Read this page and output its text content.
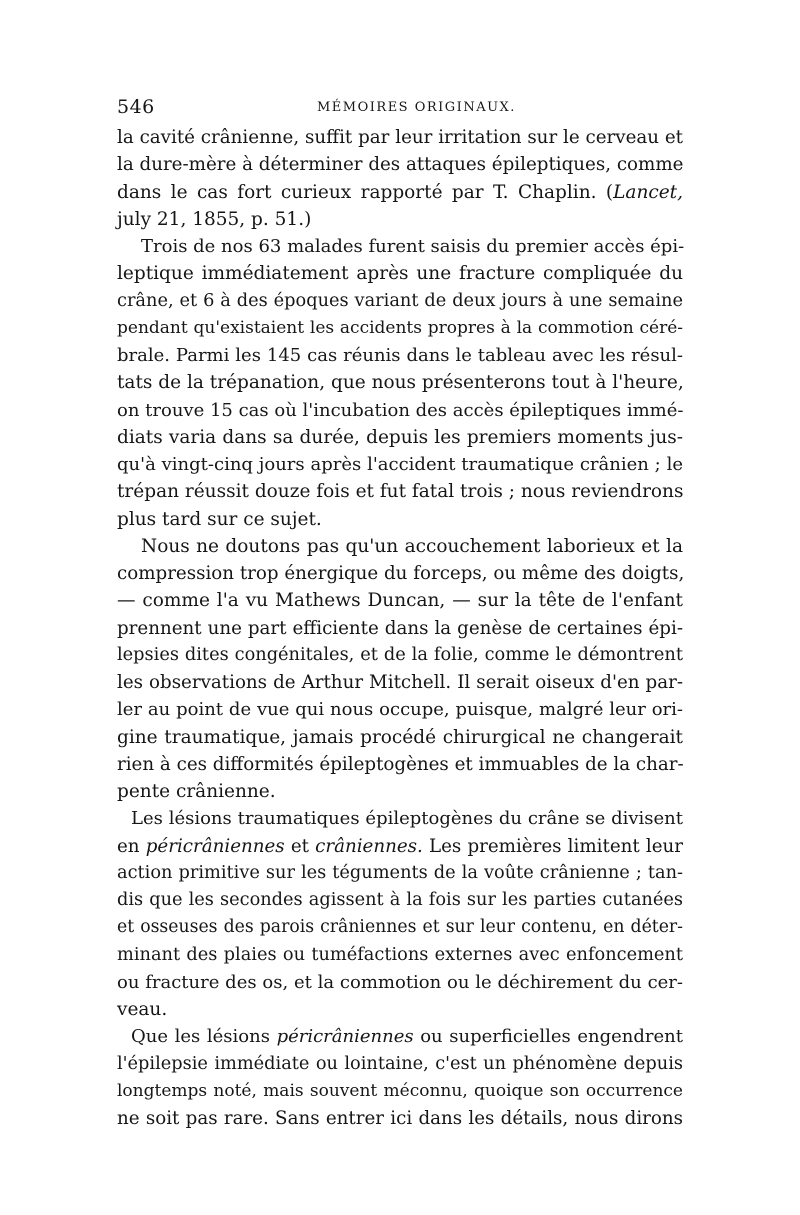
546	MÉMOIRES ORIGINAUX.
la cavité crânienne, suffit par leur irritation sur le cerveau et
la dure-mère à déterminer des attaques épileptiques, comme
dans le cas fort curieux rapporté par T. Chaplin. (Lancet,
july 21, 1855, p. 51.)
Trois de nos 63 malades furent saisis du premier accès épi-
leptique immédiatement après une fracture compliquée du
crâne, et 6 à des époques variant de deux jours à une semaine
pendant qu'existaient les accidents propres à la commotion céré-
brale. Parmi les 145 cas réunis dans le tableau avec les résul-
tats de la trépanation, que nous présenterons tout à l'heure,
on trouve 15 cas où l'incubation des accès épileptiques immé-
diats varia dans sa durée, depuis les premiers moments jus-
qu'à vingt-cinq jours après l'accident traumatique crânien ; le
trépan réussit douze fois et fut fatal trois ; nous reviendrons
plus tard sur ce sujet.
Nous ne doutons pas qu'un accouchement laborieux et la
compression trop énergique du forceps, ou même des doigts,
— comme l'a vu Mathews Duncan, — sur la tête de l'enfant
prennent une part efficiente dans la genèse de certaines épi-
lepsies dites congénitales, et de la folie, comme le démontrent
les observations de Arthur Mitchell. Il serait oiseux d'en par-
ler au point de vue qui nous occupe, puisque, malgré leur ori-
gine traumatique, jamais procédé chirurgical ne changerait
rien à ces difformités épileptogènes et immuables de la char-
pente crânienne.
Les lésions traumatiques épileptogènes du crâne se divisent
en péricrâniennes et crâniennes. Les premières limitent leur
action primitive sur les téguments de la voûte crânienne ; tan-
dis que les secondes agissent à la fois sur les parties cutanées
et osseuses des parois crâniennes et sur leur contenu, en déter-
minant des plaies ou tuméfactions externes avec enfoncement
ou fracture des os, et la commotion ou le déchirement du cer-
veau.
Que les lésions péricrâniennes ou superficielles engendrent
l'épilepsie immédiate ou lointaine, c'est un phénomène depuis
longtemps noté, mais souvent méconnu, quoique son occurrence
ne soit pas rare. Sans entrer ici dans les détails, nous dirons
